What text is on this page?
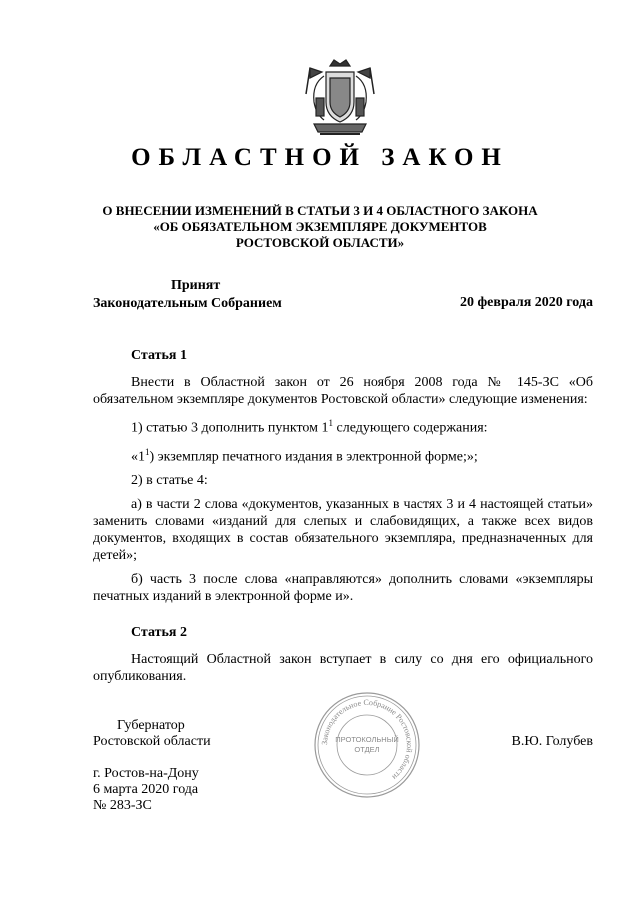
ОБЛАСТНОЙ ЗАКОН
О ВНЕСЕНИИ ИЗМЕНЕНИЙ В СТАТЬИ 3 И 4 ОБЛАСТНОГО ЗАКОНА
«ОБ ОБЯЗАТЕЛЬНОМ ЭКЗЕМПЛЯРЕ ДОКУМЕНТОВ
РОСТОВСКОЙ ОБЛАСТИ»
Принят
Законодательным Собранием	20 февраля 2020 года
Статья 1
Внести в Областной закон от 26 ноября 2008 года № 145-ЗС «Об обязательном экземпляре документов Ростовской области» следующие изменения:
1) статью 3 дополнить пунктом $1^1$ следующего содержания:
«$1^1$) экземпляр печатного издания в электронной форме;»;
2) в статье 4:
а) в части 2 слова «документов, указанных в частях 3 и 4 настоящей статьи» заменить словами «изданий для слепых и слабовидящих, а также всех видов документов, входящих в состав обязательного экземпляра, предназначенных для детей»;
б) часть 3 после слова «направляются» дополнить словами «экземпляры печатных изданий в электронной форме и».
Статья 2
Настоящий Областной закон вступает в силу со дня его официального опубликования.
Законодательное Собрание Ростовской области
ПРОТОКОЛЬНЫЙ
ОТДЕЛ
Губернатор
Ростовской области	В.Ю. Голубев
г. Ростов-на-Дону
6 марта 2020 года
№ 283-ЗС
